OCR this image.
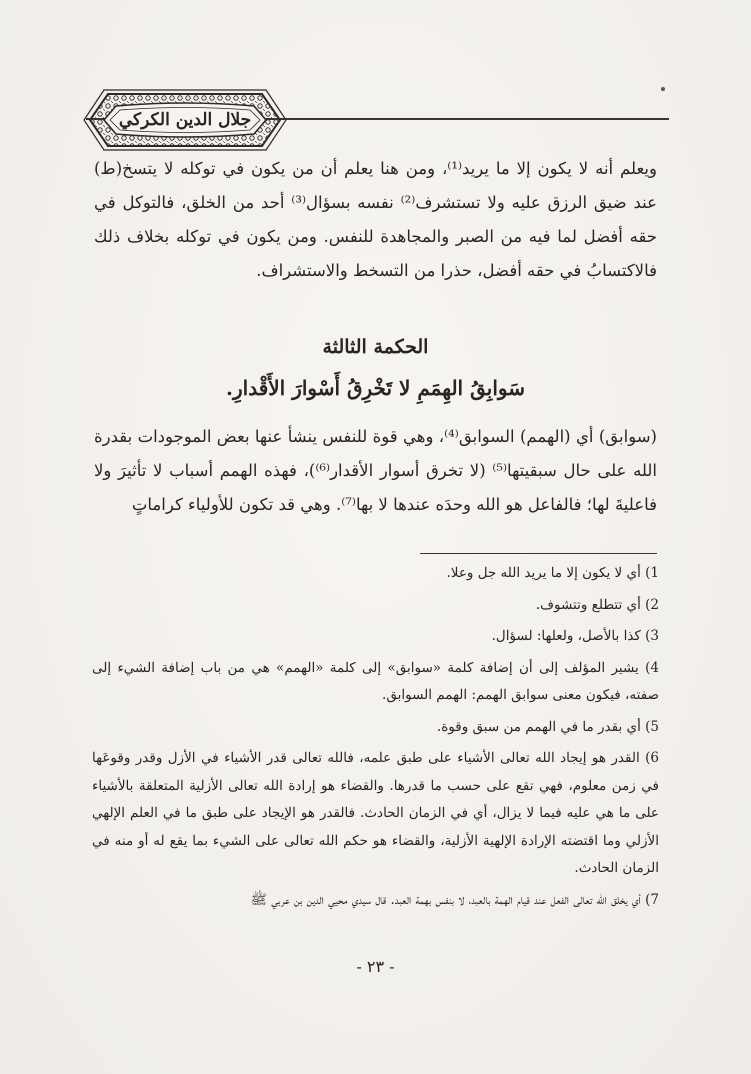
جلال الدين الكركي

ويعلم أنه لا يكون إلا ما يريد⁽¹⁾، ومن هنا يعلم أن من يكون في توكله لا يتسخ(ط) عند ضيق الرزق عليه ولا تستشرف⁽²⁾ نفسه بسؤال⁽³⁾ أحد من الخلق، فالتوكل في حقه أفضل لما فيه من الصبر والمجاهدة للنفس. ومن يكون في توكله بخلاف ذلك فالاكتسابُ في حقه أفضل، حذرا من التسخط والاستشراف.

الحكمة الثالثة
سَوابِقُ الهِمَمِ لا تَخْرِقُ أَسْوارَ الأَقْدارِ.

(سوابق) أي (الهمم) السوابق⁽⁴⁾، وهي قوة للنفس ينشأ عنها بعض الموجودات بقدرة الله على حال سبقيتها⁽⁵⁾ (لا تخرق أسوار الأقدار⁽⁶⁾)، فهذه الهمم أسباب لا تأثيرَ ولا فاعليةَ لها؛ فالفاعل هو الله وحدَه عندها لا بها⁽⁷⁾. وهي قد تكون للأولياء كراماتٍ

1) أي لا يكون إلا ما يريد الله جل وعلا.

2) أي تتطلع وتتشوف.

3) كذا بالأصل، ولعلها: لسؤال.

4) يشير المؤلف إلى أن إضافة كلمة «سوابق» إلى كلمة «الهمم» هي من باب إضافة الشيء إلى صفته، فيكون معنى سوابق الهمم: الهمم السوابق.

5) أي بقدر ما في الهمم من سبق وقوة.

6) القدر هو إيجاد الله تعالى الأشياء على طبق علمه، فالله تعالى قدر الأشياء في الأزل وقدر وقوعَها في زمن معلوم، فهي تقع على حسب ما قدرها. والقضاء هو إرادة الله تعالى الأزلية المتعلقة بالأشياء على ما هي عليه فيما لا يزال، أي في الزمان الحادث. فالقدر هو الإيجاد على طبق ما في العلم الإلهي الأزلي وما اقتضته الإرادة الإلهية الأزلية، والقضاء هو حكم الله تعالى على الشيء بما يقع له أو منه في الزمان الحادث.

7) أي يخلق الله تعالى الفعل عند قيام الهمة بالعبد، لا بنفس بهمة العبد. قال سيدي محيي الدين بن عربي ﷺ

- ٢٣ -
